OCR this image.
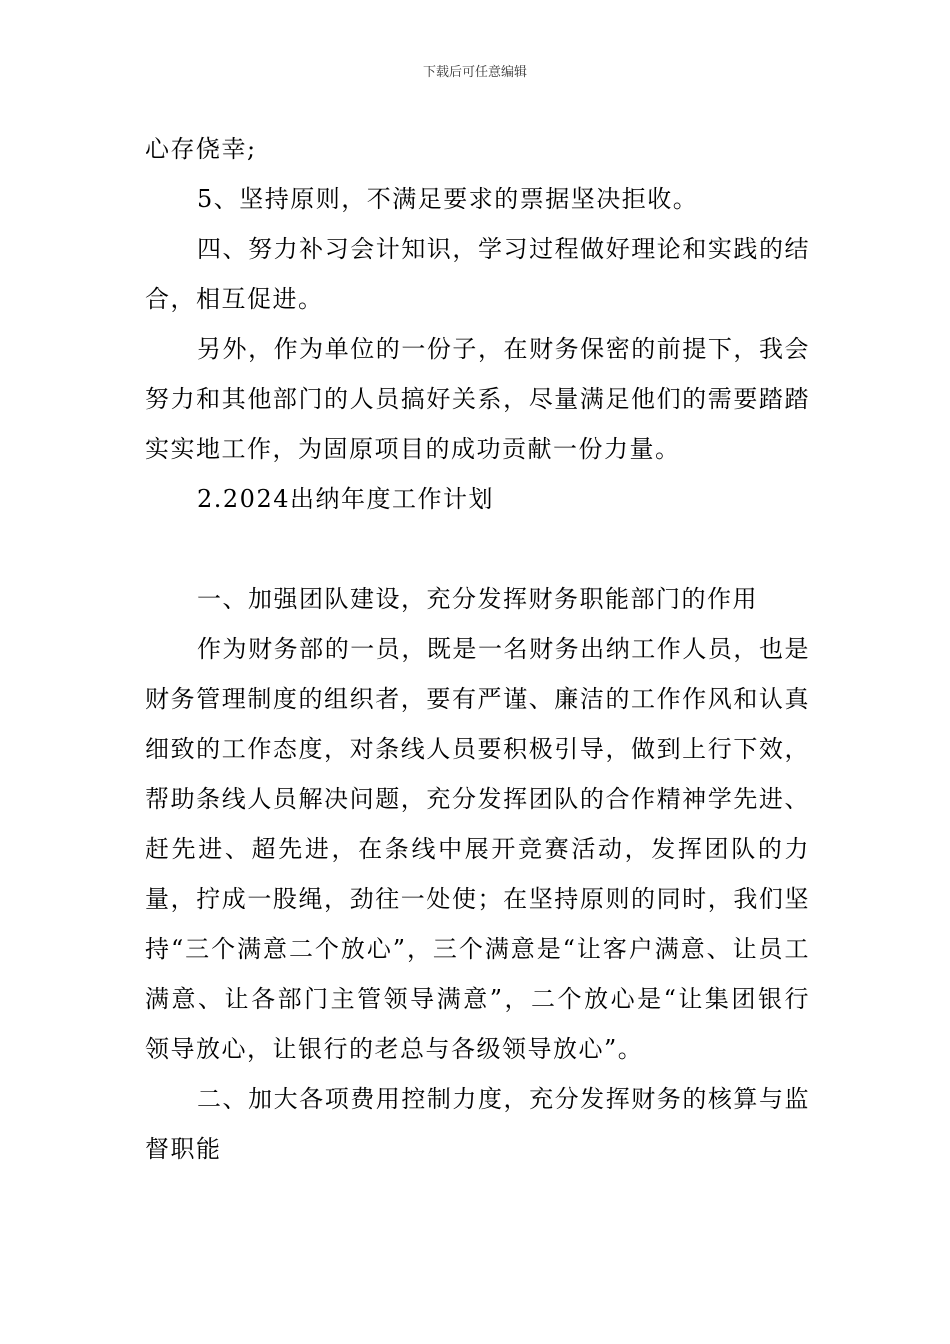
下载后可任意编辑

心存侥幸;

5、坚持原则，不满足要求的票据坚决拒收。

四、努力补习会计知识，学习过程做好理论和实践的结合，相互促进。

另外，作为单位的一份子，在财务保密的前提下，我会努力和其他部门的人员搞好关系，尽量满足他们的需要踏踏实实地工作，为固原项目的成功贡献一份力量。

2.2024出纳年度工作计划

一、加强团队建设，充分发挥财务职能部门的作用

作为财务部的一员，既是一名财务出纳工作人员，也是财务管理制度的组织者，要有严谨、廉洁的工作作风和认真细致的工作态度，对条线人员要积极引导，做到上行下效，帮助条线人员解决问题，充分发挥团队的合作精神学先进、赶先进、超先进，在条线中展开竞赛活动，发挥团队的力量，拧成一股绳，劲往一处使；在坚持原则的同时，我们坚持“三个满意二个放心”，三个满意是“让客户满意、让员工满意、让各部门主管领导满意”，二个放心是“让集团银行领导放心，让银行的老总与各级领导放心”。

二、加大各项费用控制力度，充分发挥财务的核算与监督职能
